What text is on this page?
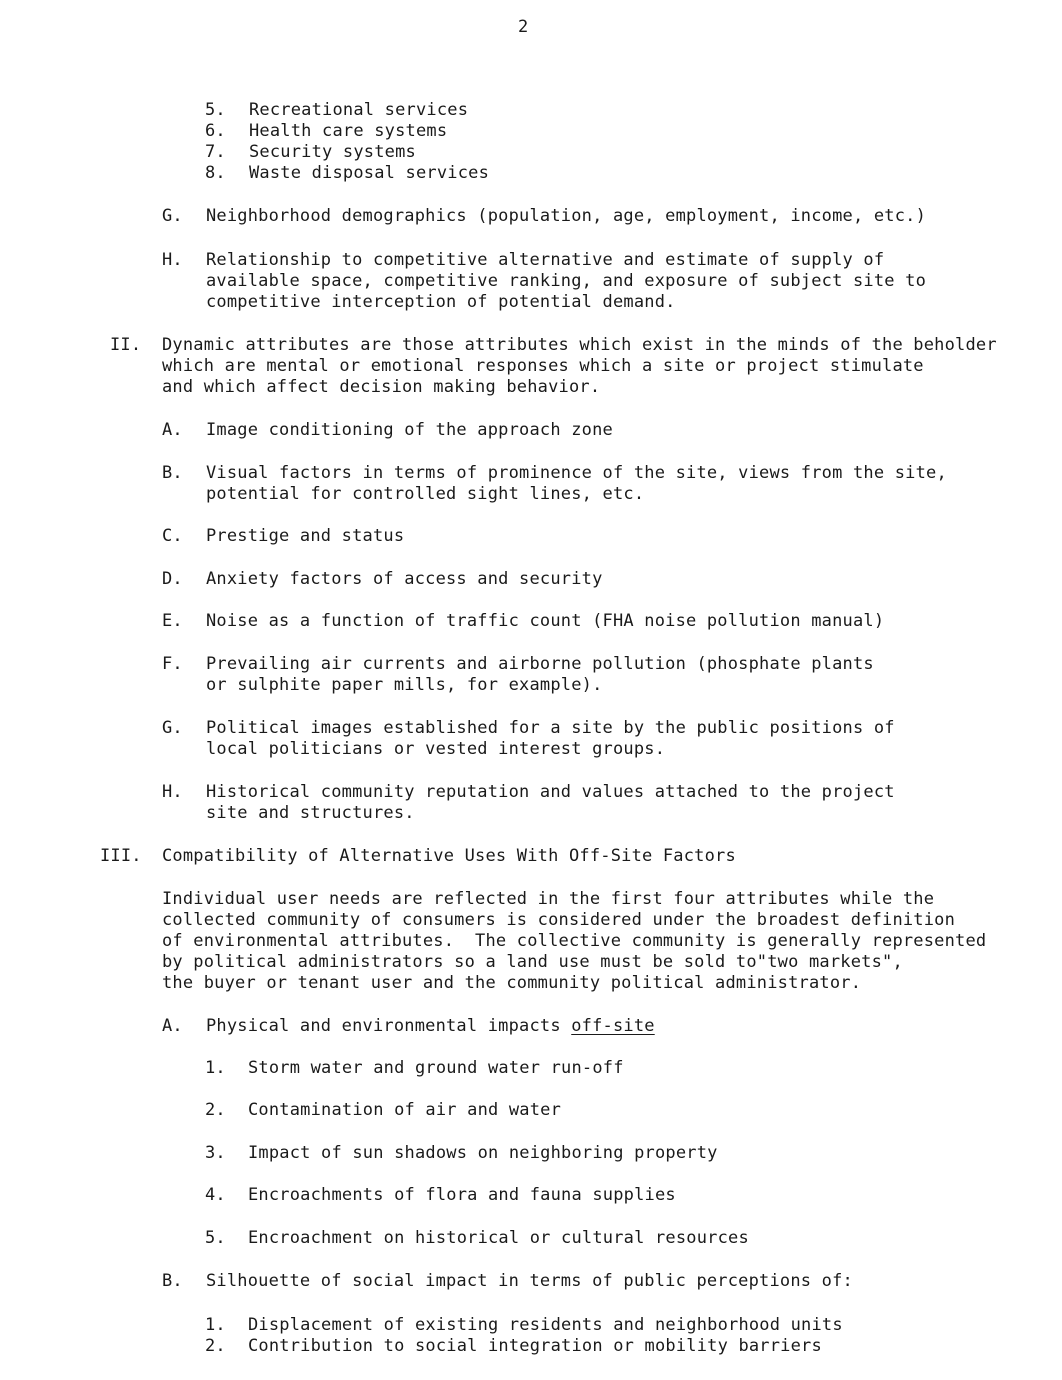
2
5. Recreational services
6. Health care systems
7. Security systems
8. Waste disposal services
G. Neighborhood demographics (population, age, employment, income, etc.)
H. Relationship to competitive alternative and estimate of supply of
available space, competitive ranking, and exposure of subject site to
competitive interception of potential demand.
II. Dynamic attributes are those attributes which exist in the minds of the beholder
which are mental or emotional responses which a site or project stimulate
and which affect decision making behavior.
A. Image conditioning of the approach zone
B. Visual factors in terms of prominence of the site, views from the site,
potential for controlled sight lines, etc.
C. Prestige and status
D. Anxiety factors of access and security
E. Noise as a function of traffic count (FHA noise pollution manual)
F. Prevailing air currents and airborne pollution (phosphate plants
or sulphite paper mills, for example).
G. Political images established for a site by the public positions of
local politicians or vested interest groups.
H. Historical community reputation and values attached to the project
site and structures.
III. Compatibility of Alternative Uses With Off-Site Factors
Individual user needs are reflected in the first four attributes while the
collected community of consumers is considered under the broadest definition
of environmental attributes.  The collective community is generally represented
by political administrators so a land use must be sold to"two markets",
the buyer or tenant user and the community political administrator.
A. Physical and environmental impacts off-site
1. Storm water and ground water run-off
2. Contamination of air and water
3. Impact of sun shadows on neighboring property
4. Encroachments of flora and fauna supplies
5. Encroachment on historical or cultural resources
B. Silhouette of social impact in terms of public perceptions of:
1. Displacement of existing residents and neighborhood units
2. Contribution to social integration or mobility barriers
